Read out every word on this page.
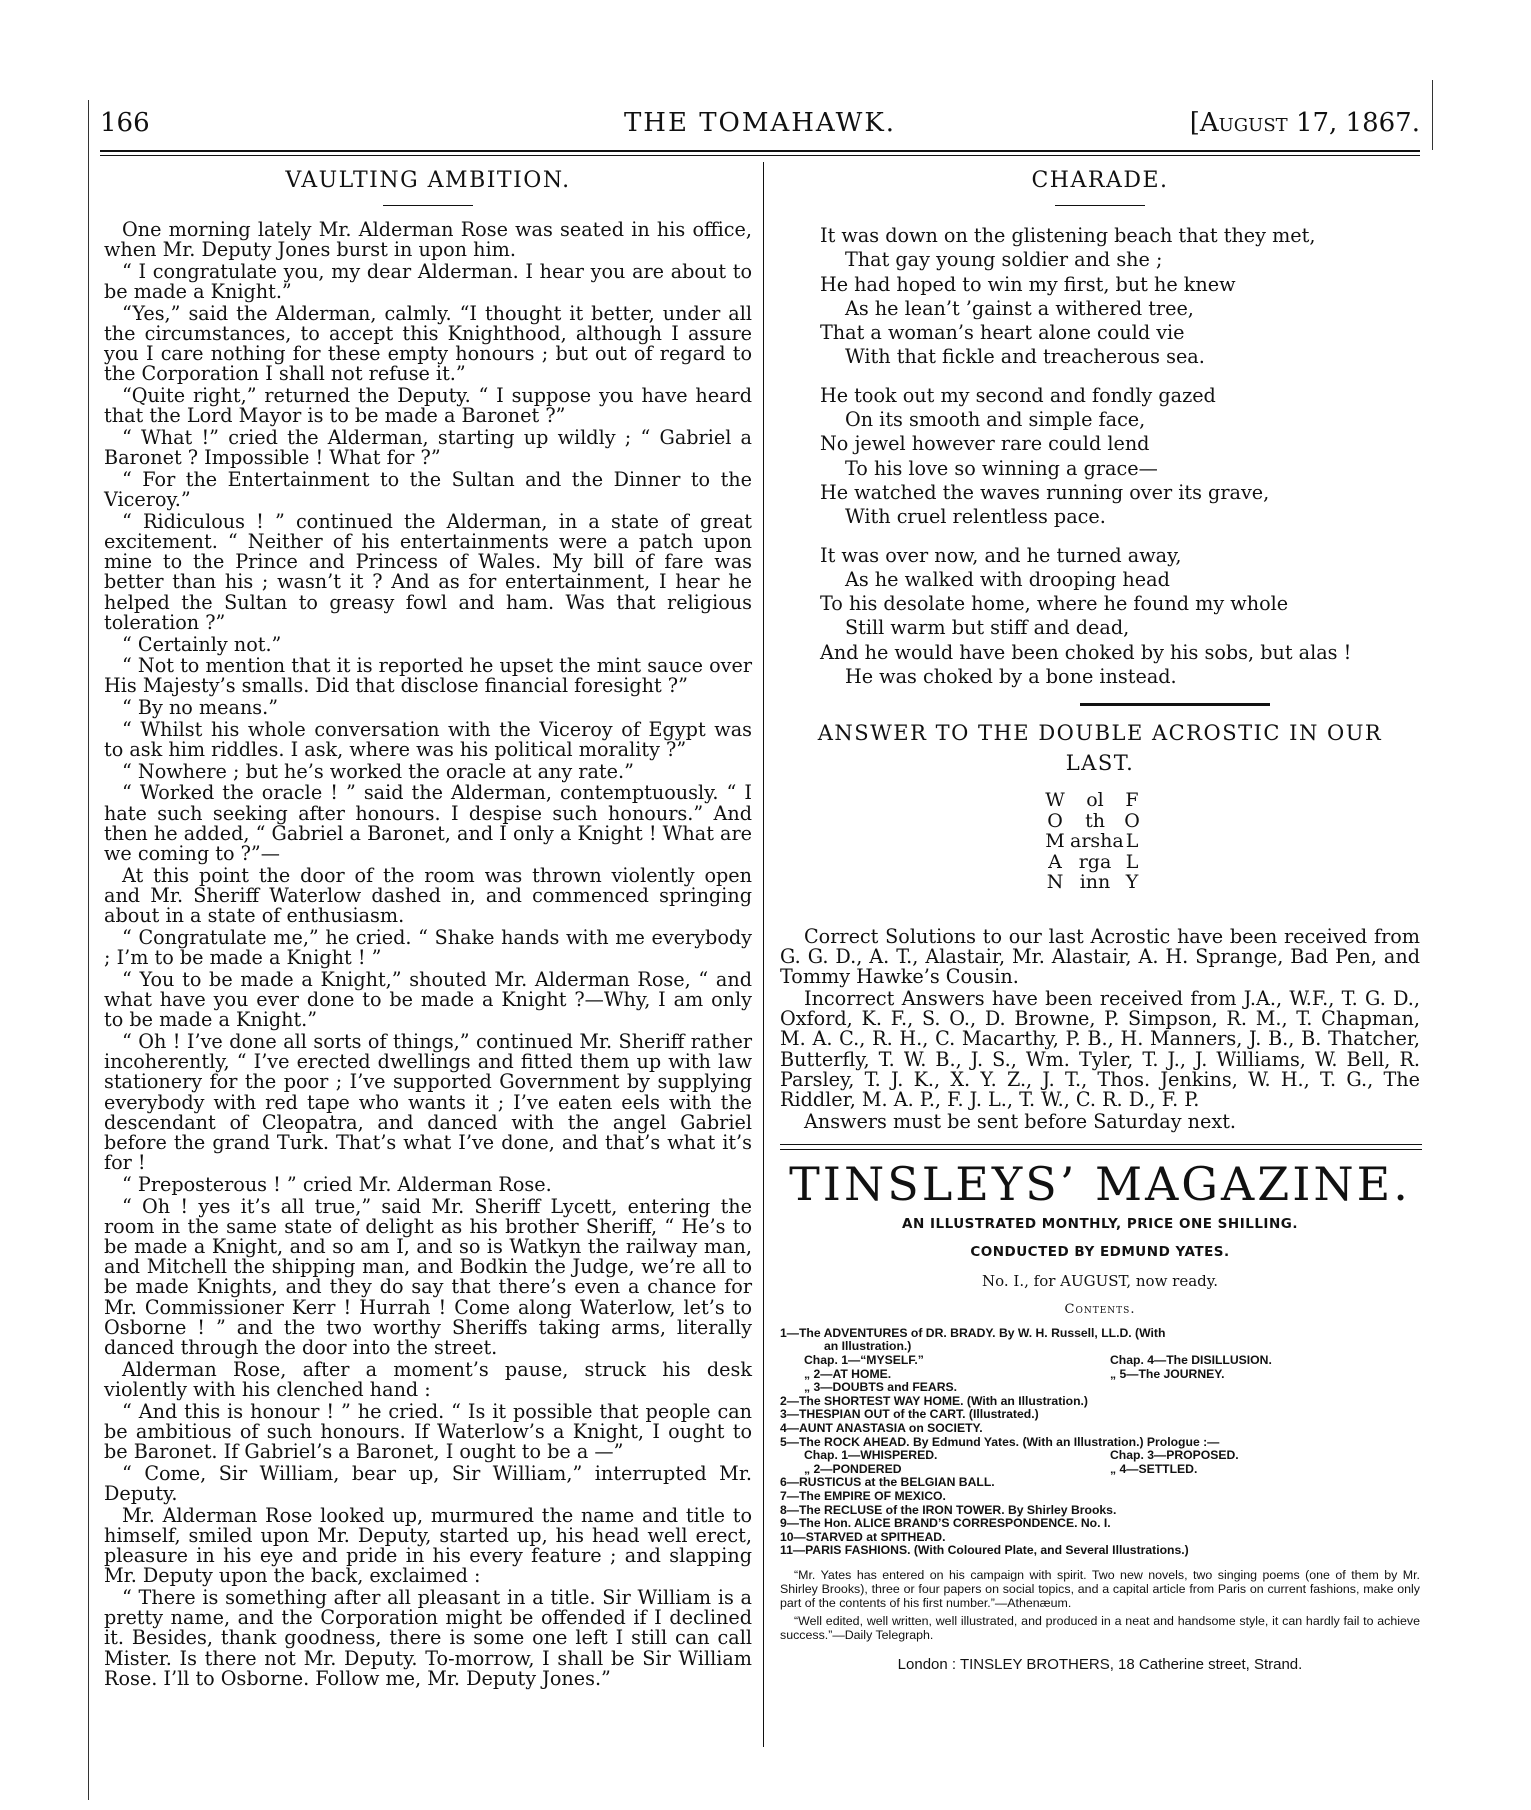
166	THE TOMAHAWK.	[August 17, 1867.
VAULTING AMBITION.

One morning lately Mr. Alderman Rose was seated in his office, when Mr. Deputy Jones burst in upon him.

“ I congratulate you, my dear Alderman. I hear you are about to be made a Knight.”

“Yes,” said the Alderman, calmly. “I thought it better, under all the circumstances, to accept this Knighthood, although I assure you I care nothing for these empty honours ; but out of regard to the Corporation I shall not refuse it.”

“Quite right,” returned the Deputy. “ I suppose you have heard that the Lord Mayor is to be made a Baronet ?”

“ What !” cried the Alderman, starting up wildly ; “ Gabriel a Baronet ? Impossible ! What for ?”

“ For the Entertainment to the Sultan and the Dinner to the Viceroy.”

“ Ridiculous ! ” continued the Alderman, in a state of great excitement. “ Neither of his entertainments were a patch upon mine to the Prince and Princess of Wales. My bill of fare was better than his ; wasn’t it ? And as for entertainment, I hear he helped the Sultan to greasy fowl and ham. Was that religious toleration ?”

“ Certainly not.”

“ Not to mention that it is reported he upset the mint sauce over His Majesty’s smalls. Did that disclose financial foresight ?”

“ By no means.”

“ Whilst his whole conversation with the Viceroy of Egypt was to ask him riddles. I ask, where was his political morality ?”

“ Nowhere ; but he’s worked the oracle at any rate.”

“ Worked the oracle ! ” said the Alderman, contemptuously. “ I hate such seeking after honours. I despise such honours.” And then he added, “ Gabriel a Baronet, and I only a Knight ! What are we coming to ?”—

At this point the door of the room was thrown violently open and Mr. Sheriff Waterlow dashed in, and commenced springing about in a state of enthusiasm.

“ Congratulate me,” he cried. “ Shake hands with me everybody ; I’m to be made a Knight ! ”

“ You to be made a Knight,” shouted Mr. Alderman Rose, “ and what have you ever done to be made a Knight ?—Why, I am only to be made a Knight.”

“ Oh ! I’ve done all sorts of things,” continued Mr. Sheriff rather incoherently, “ I’ve erected dwellings and fitted them up with law stationery for the poor ; I’ve supported Government by supplying everybody with red tape who wants it ; I’ve eaten eels with the descendant of Cleopatra, and danced with the angel Gabriel before the grand Turk. That’s what I’ve done, and that’s what it’s for !

“ Preposterous ! ” cried Mr. Alderman Rose.

“ Oh ! yes it’s all true,” said Mr. Sheriff Lycett, entering the room in the same state of delight as his brother Sheriff, “ He’s to be made a Knight, and so am I, and so is Watkyn the railway man, and Mitchell the shipping man, and Bodkin the Judge, we’re all to be made Knights, and they do say that there’s even a chance for Mr. Commissioner Kerr ! Hurrah ! Come along Waterlow, let’s to Osborne ! ” and the two worthy Sheriffs taking arms, literally danced through the door into the street.

Alderman Rose, after a moment’s pause, struck his desk violently with his clenched hand :

“ And this is honour ! ” he cried. “ Is it possible that people can be ambitious of such honours. If Waterlow’s a Knight, I ought to be Baronet. If Gabriel’s a Baronet, I ought to be a —”

“ Come, Sir William, bear up, Sir William,” interrupted Mr. Deputy.

Mr. Alderman Rose looked up, murmured the name and title to himself, smiled upon Mr. Deputy, started up, his head well erect, pleasure in his eye and pride in his every feature ; and slapping Mr. Deputy upon the back, exclaimed :

“ There is something after all pleasant in a title. Sir William is a pretty name, and the Corporation might be offended if I declined it. Besides, thank goodness, there is some one left I still can call Mister. Is there not Mr. Deputy. To-morrow, I shall be Sir William Rose. I’ll to Osborne. Follow me, Mr. Deputy Jones.”

CHARADE.
It was down on the glistening beach that they met,
That gay young soldier and she ;
He had hoped to win my first, but he knew
As he lean’t ’gainst a withered tree,
That a woman’s heart alone could vie
With that fickle and treacherous sea.
He took out my second and fondly gazed
On its smooth and simple face,
No jewel however rare could lend
To his love so winning a grace—
He watched the waves running over its grave,
With cruel relentless pace.
It was over now, and he turned away,
As he walked with drooping head
To his desolate home, where he found my whole
Still warm but stiff and dead,
And he would have been choked by his sobs, but alas !
He was choked by a bone instead.
ANSWER TO THE DOUBLE ACROSTIC IN OUR
LAST.
W	ol	F
O	th	O
M arsha L
A rga L
N inn Y

Correct Solutions to our last Acrostic have been received from G. G. D., A. T., Alastair, Mr. Alastair, A. H. Sprange, Bad Pen, and Tommy Hawke’s Cousin.

Incorrect Answers have been received from J.A., W.F., T. G. D., Oxford, K. F., S. O., D. Browne, P. Simpson, R. M., T. Chapman, M. A. C., R. H., C. Macarthy, P. B., H. Manners, J. B., B. Thatcher, Butterfly, T. W. B., J. S., Wm. Tyler, T. J., J. Williams, W. Bell, R. Parsley, T. J. K., X. Y. Z., J. T., Thos. Jenkins, W. H., T. G., The Riddler, M. A. P., F. J. L., T. W., C. R. D., F. P.

Answers must be sent before Saturday next.

TINSLEYS’ MAGAZINE.
AN ILLUSTRATED MONTHLY, PRICE ONE SHILLING.
CONDUCTED BY EDMUND YATES.
No. I., for AUGUST, now ready.
Contents.
1—The ADVENTURES of DR. BRADY. By W. H. Russell, LL.D. (With
an Illustration.)
Chap. 1—“MYSELF.”	Chap. 4—The DISILLUSION.
„ 2—AT HOME.	„ 5—The JOURNEY.
„ 3—DOUBTS and FEARS.
2—The SHORTEST WAY HOME. (With an Illustration.)
3—THESPIAN OUT of the CART. (Illustrated.)
4—AUNT ANASTASIA on SOCIETY.
5—The ROCK AHEAD. By Edmund Yates. (With an Illustration.) Prologue :—
Chap. 1—WHISPERED.	Chap. 3—PROPOSED.
„ 2—PONDERED	„ 4—SETTLED.
6—RUSTICUS at the BELGIAN BALL.
7—The EMPIRE OF MEXICO.
8—The RECLUSE of the IRON TOWER. By Shirley Brooks.
9—The Hon. ALICE BRAND’S CORRESPONDENCE. No. I.
10—STARVED at SPITHEAD.
11—PARIS FASHIONS. (With Coloured Plate, and Several Illustrations.)
“Mr. Yates has entered on his campaign with spirit. Two new novels, two singing poems (one of them by Mr. Shirley Brooks), three or four papers on social topics, and a capital article from Paris on current fashions, make only part of the contents of his first number.”—Athenæum.
“Well edited, well written, well illustrated, and produced in a neat and handsome style, it can hardly fail to achieve success.”—Daily Telegraph.
London : TINSLEY BROTHERS, 18 Catherine street, Strand.
